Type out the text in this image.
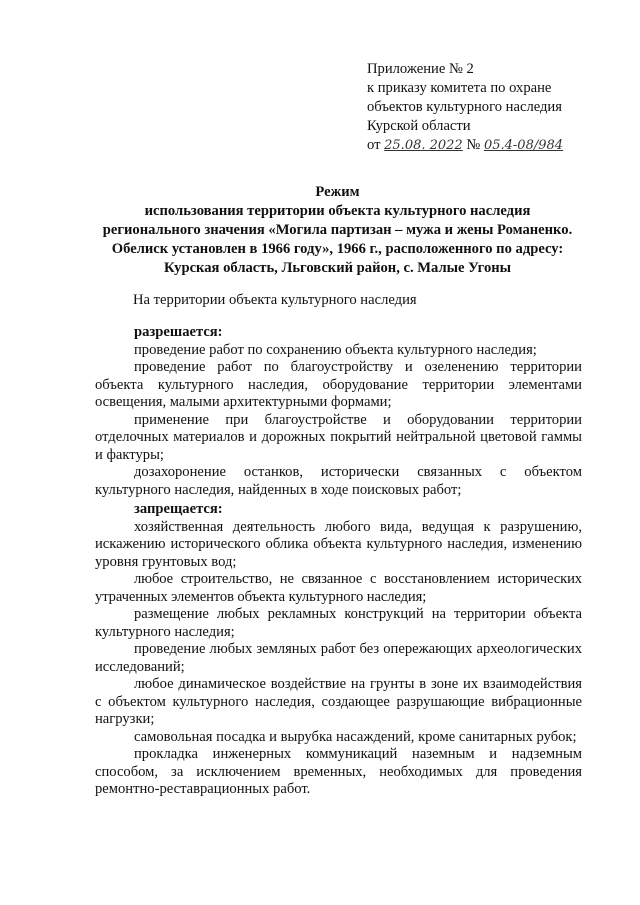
Приложение № 2
к приказу комитета по охране
объектов культурного наследия
Курской области
от 25.08. 2022 № 05.4-08/984
Режим
использования территории объекта культурного наследия
регионального значения «Могила партизан – мужа и жены Романенко.
Обелиск установлен в 1966 году», 1966 г., расположенного по адресу:
Курская область, Льговский район, с. Малые Угоны
На территории объекта культурного наследия
разрешается:
проведение работ по сохранению объекта культурного наследия;
проведение работ по благоустройству и озеленению территории объекта культурного наследия, оборудование территории элементами освещения, малыми архитектурными формами;
применение при благоустройстве и оборудовании территории отделочных материалов и дорожных покрытий нейтральной цветовой гаммы и фактуры;
дозахоронение останков, исторически связанных с объектом культурного наследия, найденных в ходе поисковых работ;
запрещается:
хозяйственная деятельность любого вида, ведущая к разрушению, искажению исторического облика объекта культурного наследия, изменению уровня грунтовых вод;
любое строительство, не связанное с восстановлением исторических утраченных элементов объекта культурного наследия;
размещение любых рекламных конструкций на территории объекта культурного наследия;
проведение любых земляных работ без опережающих археологических исследований;
любое динамическое воздействие на грунты в зоне их взаимодействия с объектом культурного наследия, создающее разрушающие вибрационные нагрузки;
самовольная посадка и вырубка насаждений, кроме санитарных рубок;
прокладка инженерных коммуникаций наземным и надземным способом, за исключением временных, необходимых для проведения ремонтно-реставрационных работ.
